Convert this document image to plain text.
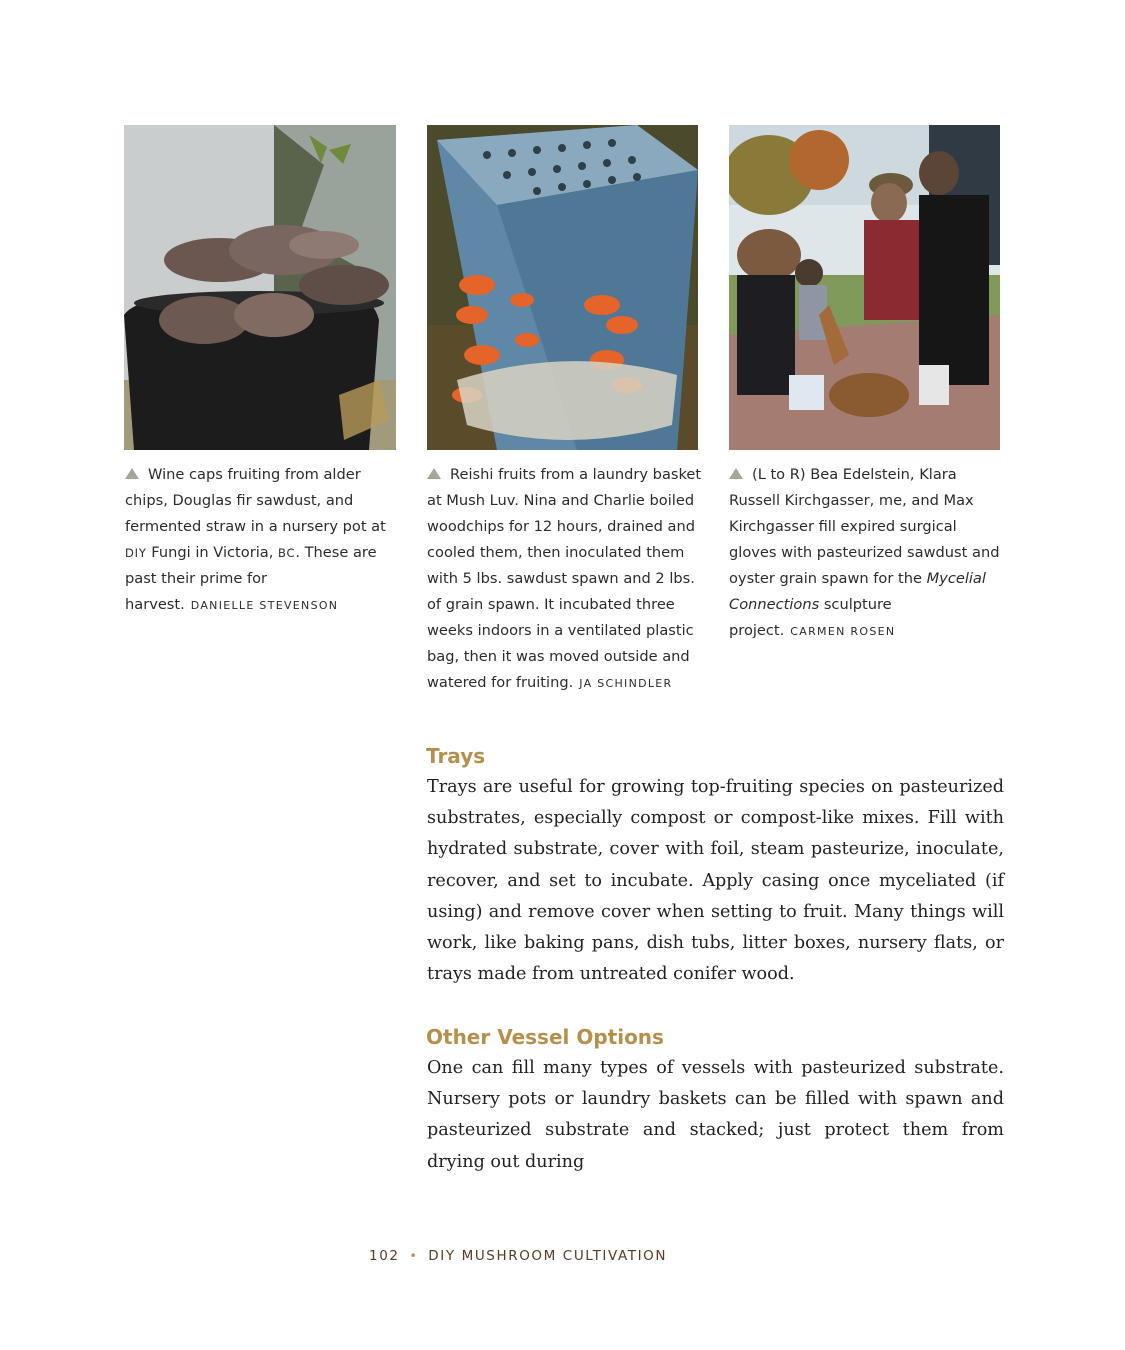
Wine caps fruiting from alder chips, Douglas fir sawdust, and fermented straw in a nursery pot at DIY Fungi in Victoria, BC. These are past their prime for harvest. DANIELLE STEVENSON
Reishi fruits from a laundry basket at Mush Luv. Nina and Charlie boiled woodchips for 12 hours, drained and cooled them, then inoculated them with 5 lbs. sawdust spawn and 2 lbs. of grain spawn. It incubated three weeks indoors in a ventilated plastic bag, then it was moved outside and watered for fruiting. JA SCHINDLER
(L to R) Bea Edelstein, Klara Russell Kirchgasser, me, and Max Kirchgasser fill expired surgical gloves with pasteurized sawdust and oyster grain spawn for the Mycelial Connections sculpture project. CARMEN ROSEN
Trays

Trays are useful for growing top-fruiting species on pasteurized substrates, especially compost or compost-like mixes. Fill with hydrated substrate, cover with foil, steam pasteurize, inoculate, recover, and set to incubate. Apply casing once myceliated (if using) and remove cover when setting to fruit. Many things will work, like baking pans, dish tubs, litter boxes, nursery flats, or trays made from untreated conifer wood.

Other Vessel Options

One can fill many types of vessels with pasteurized substrate. Nursery pots or laundry baskets can be filled with spawn and pasteurized substrate and stacked; just protect them from drying out during

102 • DIY MUSHROOM CULTIVATION
